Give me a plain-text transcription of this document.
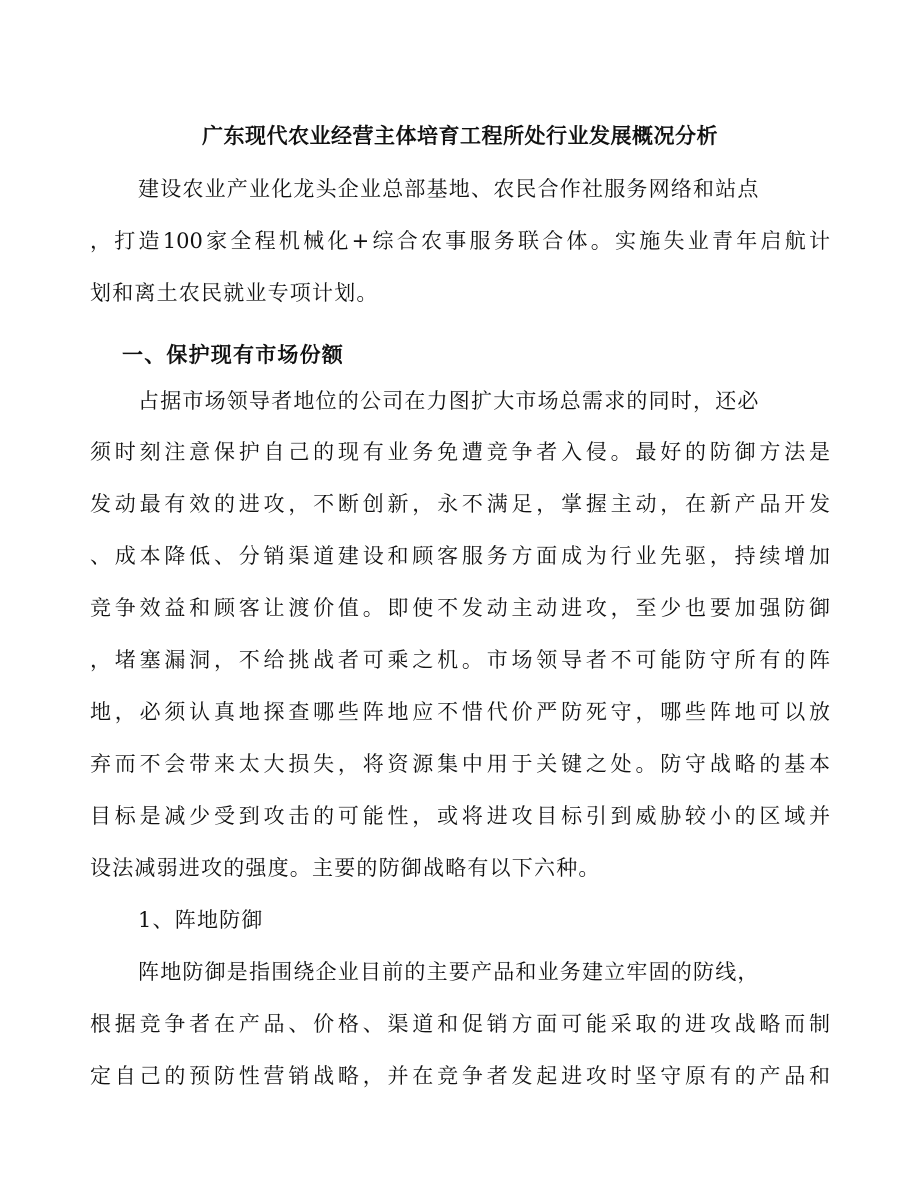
广东现代农业经营主体培育工程所处行业发展概况分析
建设农业产业化龙头企业总部基地、农民合作社服务网络和站点
，打造100家全程机械化+综合农事服务联合体。实施失业青年启航计
划和离土农民就业专项计划。
一、保护现有市场份额
占据市场领导者地位的公司在力图扩大市场总需求的同时，还必
须时刻注意保护自己的现有业务免遭竞争者入侵。最好的防御方法是
发动最有效的进攻，不断创新，永不满足，掌握主动，在新产品开发
、成本降低、分销渠道建设和顾客服务方面成为行业先驱，持续增加
竞争效益和顾客让渡价值。即使不发动主动进攻，至少也要加强防御
，堵塞漏洞，不给挑战者可乘之机。市场领导者不可能防守所有的阵
地，必须认真地探查哪些阵地应不惜代价严防死守，哪些阵地可以放
弃而不会带来太大损失，将资源集中用于关键之处。防守战略的基本
目标是减少受到攻击的可能性，或将进攻目标引到威胁较小的区域并
设法减弱进攻的强度。主要的防御战略有以下六种。
1、阵地防御
阵地防御是指围绕企业目前的主要产品和业务建立牢固的防线，
根据竞争者在产品、价格、渠道和促销方面可能采取的进攻战略而制
定自己的预防性营销战略，并在竞争者发起进攻时坚守原有的产品和
